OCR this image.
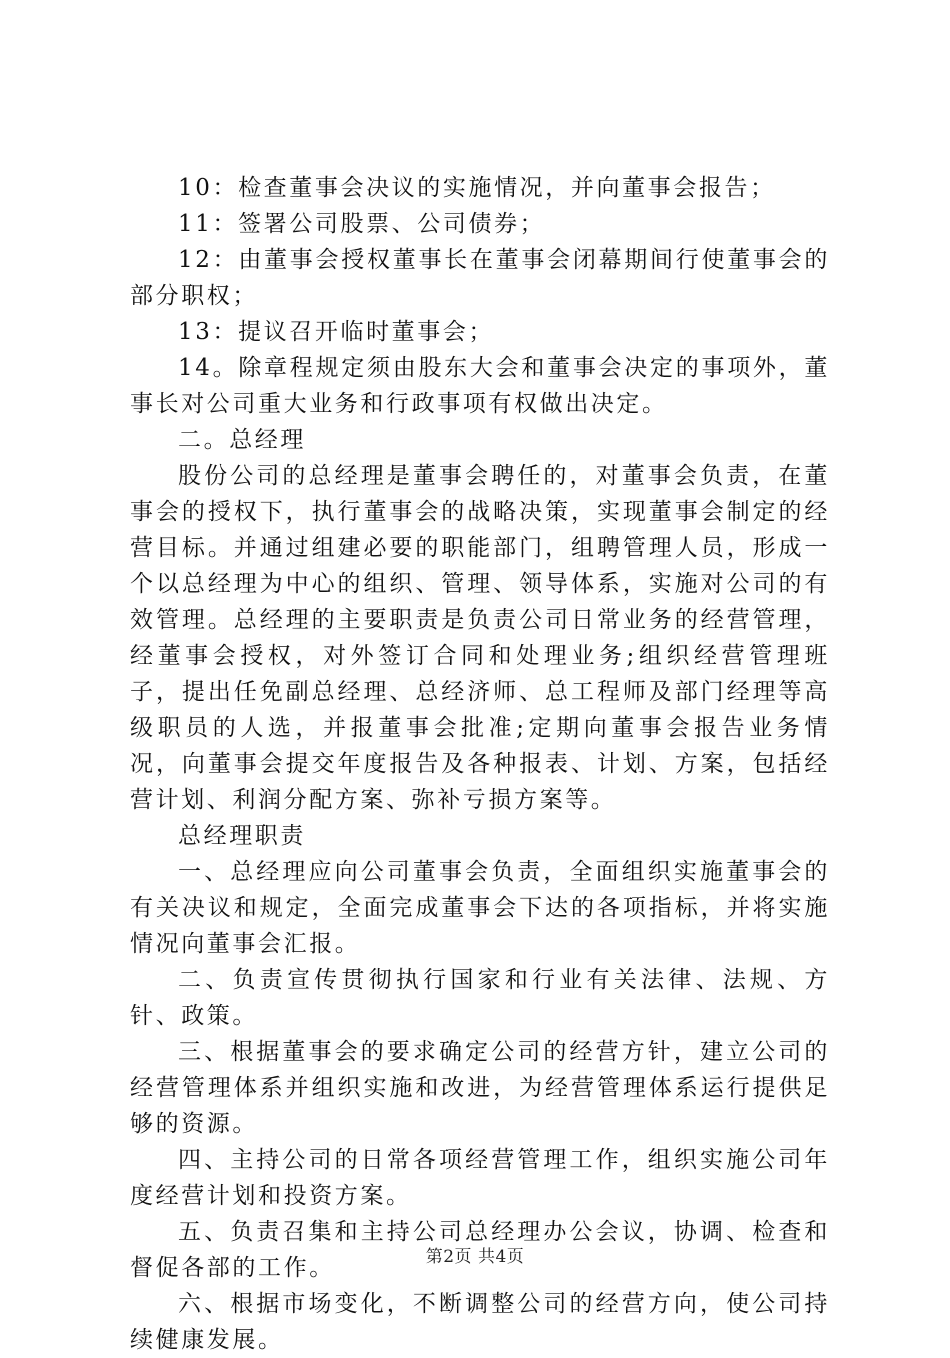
10：检查董事会决议的实施情况，并向董事会报告；

11：签署公司股票、公司债券；

12：由董事会授权董事长在董事会闭幕期间行使董事会的部分职权；

13：提议召开临时董事会；

14。除章程规定须由股东大会和董事会决定的事项外，董事长对公司重大业务和行政事项有权做出决定。

二。总经理

股份公司的总经理是董事会聘任的，对董事会负责，在董事会的授权下，执行董事会的战略决策，实现董事会制定的经营目标。并通过组建必要的职能部门，组聘管理人员，形成一个以总经理为中心的组织、管理、领导体系，实施对公司的有效管理。总经理的主要职责是负责公司日常业务的经营管理，经董事会授权，对外签订合同和处理业务;组织经营管理班子，提出任免副总经理、总经济师、总工程师及部门经理等高级职员的人选，并报董事会批准;定期向董事会报告业务情况，向董事会提交年度报告及各种报表、计划、方案，包括经营计划、利润分配方案、弥补亏损方案等。

总经理职责

一、总经理应向公司董事会负责，全面组织实施董事会的有关决议和规定，全面完成董事会下达的各项指标，并将实施情况向董事会汇报。

二、负责宣传贯彻执行国家和行业有关法律、法规、方针、政策。

三、根据董事会的要求确定公司的经营方针，建立公司的经营管理体系并组织实施和改进，为经营管理体系运行提供足够的资源。

四、主持公司的日常各项经营管理工作，组织实施公司年度经营计划和投资方案。

五、负责召集和主持公司总经理办公会议，协调、检查和督促各部的工作。

六、根据市场变化，不断调整公司的经营方向，使公司持续健康发展。

第2页 共4页
